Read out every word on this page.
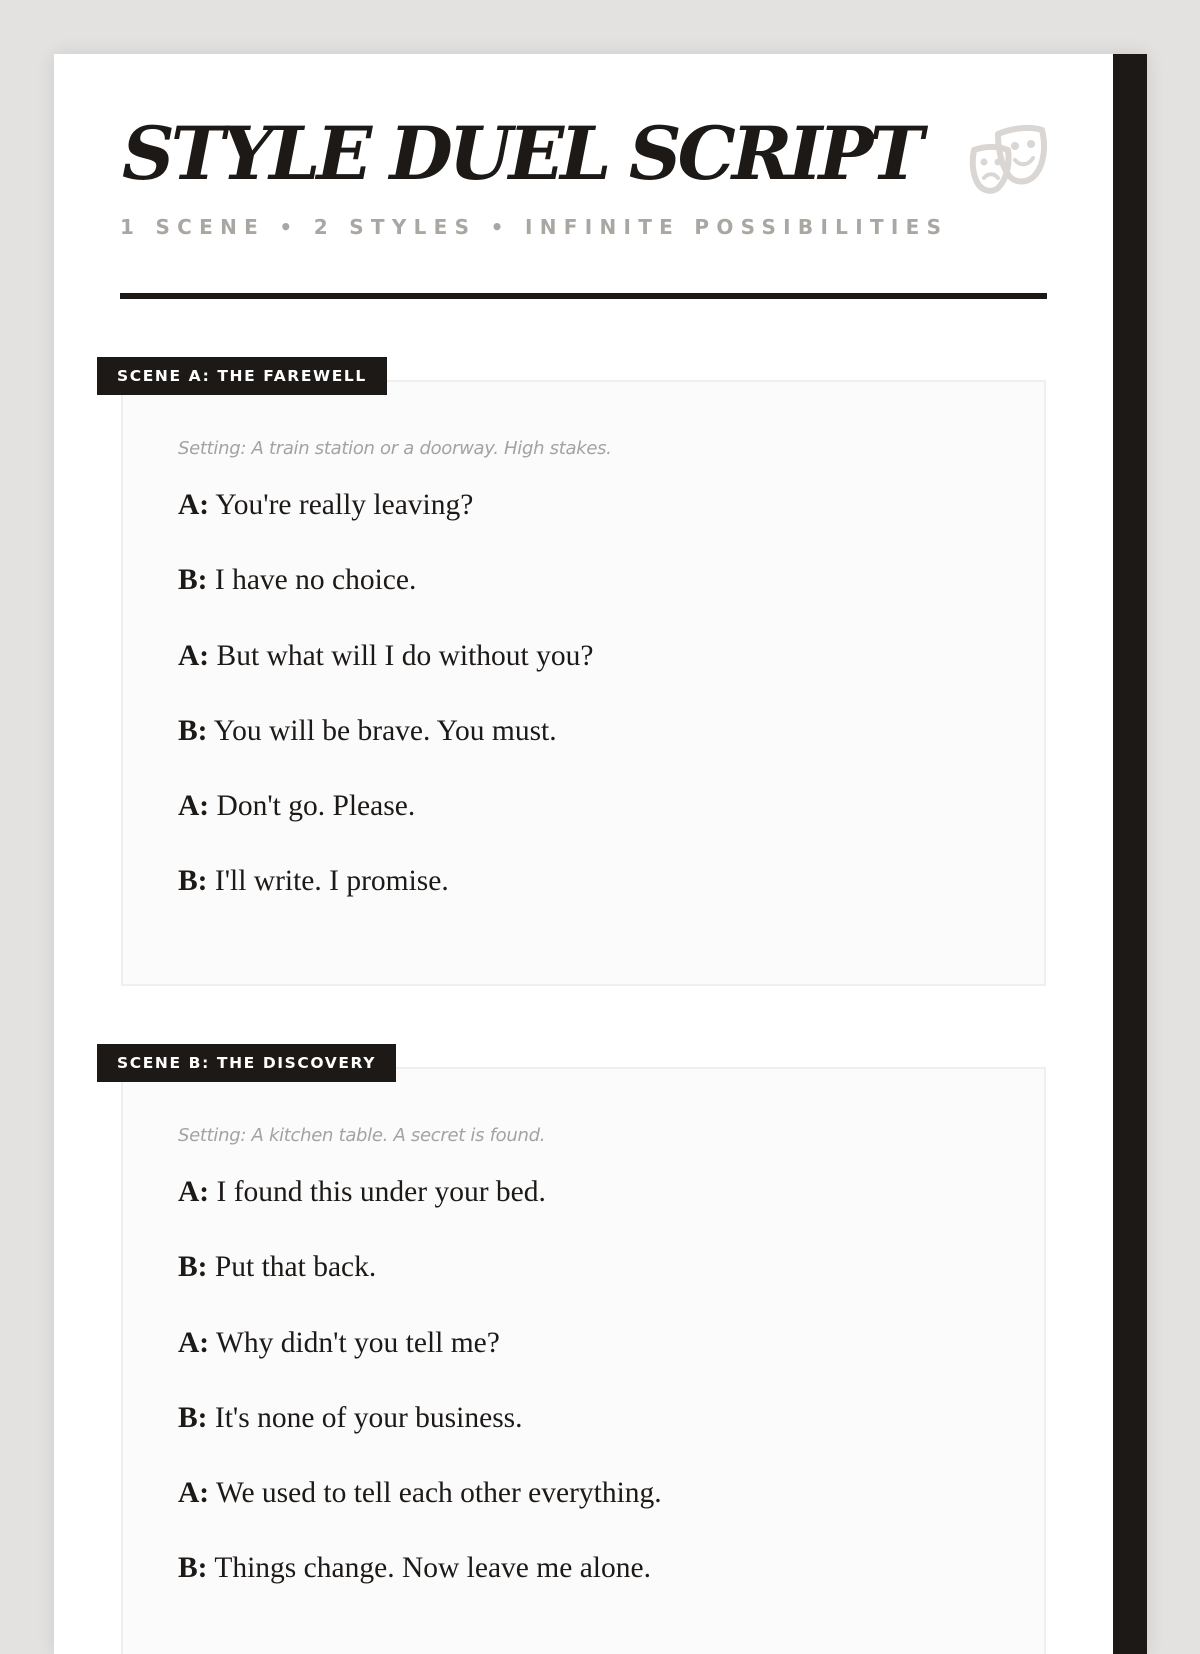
STYLE DUEL SCRIPT
1 SCENE • 2 STYLES • INFINITE POSSIBILITIES
SCENE A: THE FAREWELL

Setting: A train station or a doorway. High stakes.

A: You're really leaving?
B: I have no choice.
A: But what will I do without you?
B: You will be brave. You must.
A: Don't go. Please.
B: I'll write. I promise.
SCENE B: THE DISCOVERY

Setting: A kitchen table. A secret is found.

A: I found this under your bed.
B: Put that back.
A: Why didn't you tell me?
B: It's none of your business.
A: We used to tell each other everything.
B: Things change. Now leave me alone.
